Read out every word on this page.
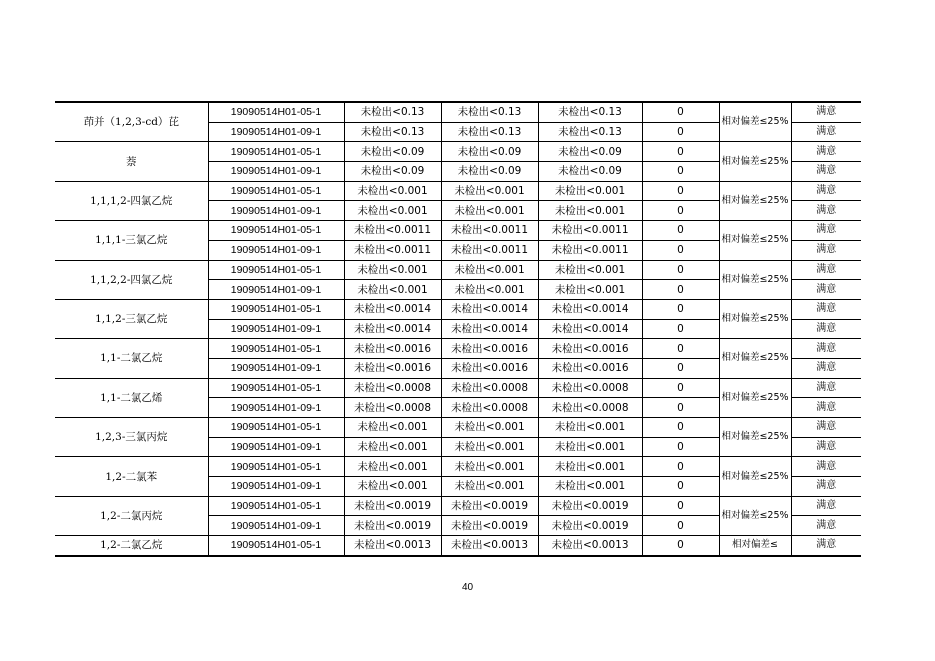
茚并（1,2,3-cd）芘	19090514H01-05-1	未检出<0.13	未检出<0.13	未检出<0.13	0	相对偏差≤25%	满意
	19090514H01-09-1	未检出<0.13	未检出<0.13	未检出<0.13	0		满意
萘	19090514H01-05-1	未检出<0.09	未检出<0.09	未检出<0.09	0	相对偏差≤25%	满意
	19090514H01-09-1	未检出<0.09	未检出<0.09	未检出<0.09	0		满意
1,1,1,2-四氯乙烷	19090514H01-05-1	未检出<0.001	未检出<0.001	未检出<0.001	0	相对偏差≤25%	满意
	19090514H01-09-1	未检出<0.001	未检出<0.001	未检出<0.001	0		满意
1,1,1-三氯乙烷	19090514H01-05-1	未检出<0.0011	未检出<0.0011	未检出<0.0011	0	相对偏差≤25%	满意
	19090514H01-09-1	未检出<0.0011	未检出<0.0011	未检出<0.0011	0		满意
1,1,2,2-四氯乙烷	19090514H01-05-1	未检出<0.001	未检出<0.001	未检出<0.001	0	相对偏差≤25%	满意
	19090514H01-09-1	未检出<0.001	未检出<0.001	未检出<0.001	0		满意
1,1,2-三氯乙烷	19090514H01-05-1	未检出<0.0014	未检出<0.0014	未检出<0.0014	0	相对偏差≤25%	满意
	19090514H01-09-1	未检出<0.0014	未检出<0.0014	未检出<0.0014	0		满意
1,1-二氯乙烷	19090514H01-05-1	未检出<0.0016	未检出<0.0016	未检出<0.0016	0	相对偏差≤25%	满意
	19090514H01-09-1	未检出<0.0016	未检出<0.0016	未检出<0.0016	0		满意
1,1-二氯乙烯	19090514H01-05-1	未检出<0.0008	未检出<0.0008	未检出<0.0008	0	相对偏差≤25%	满意
	19090514H01-09-1	未检出<0.0008	未检出<0.0008	未检出<0.0008	0		满意
1,2,3-三氯丙烷	19090514H01-05-1	未检出<0.001	未检出<0.001	未检出<0.001	0	相对偏差≤25%	满意
	19090514H01-09-1	未检出<0.001	未检出<0.001	未检出<0.001	0		满意
1,2-二氯苯	19090514H01-05-1	未检出<0.001	未检出<0.001	未检出<0.001	0	相对偏差≤25%	满意
	19090514H01-09-1	未检出<0.001	未检出<0.001	未检出<0.001	0		满意
1,2-二氯丙烷	19090514H01-05-1	未检出<0.0019	未检出<0.0019	未检出<0.0019	0	相对偏差≤25%	满意
	19090514H01-09-1	未检出<0.0019	未检出<0.0019	未检出<0.0019	0		满意
1,2-二氯乙烷	19090514H01-05-1	未检出<0.0013	未检出<0.0013	未检出<0.0013	0	相对偏差≤	满意
40
